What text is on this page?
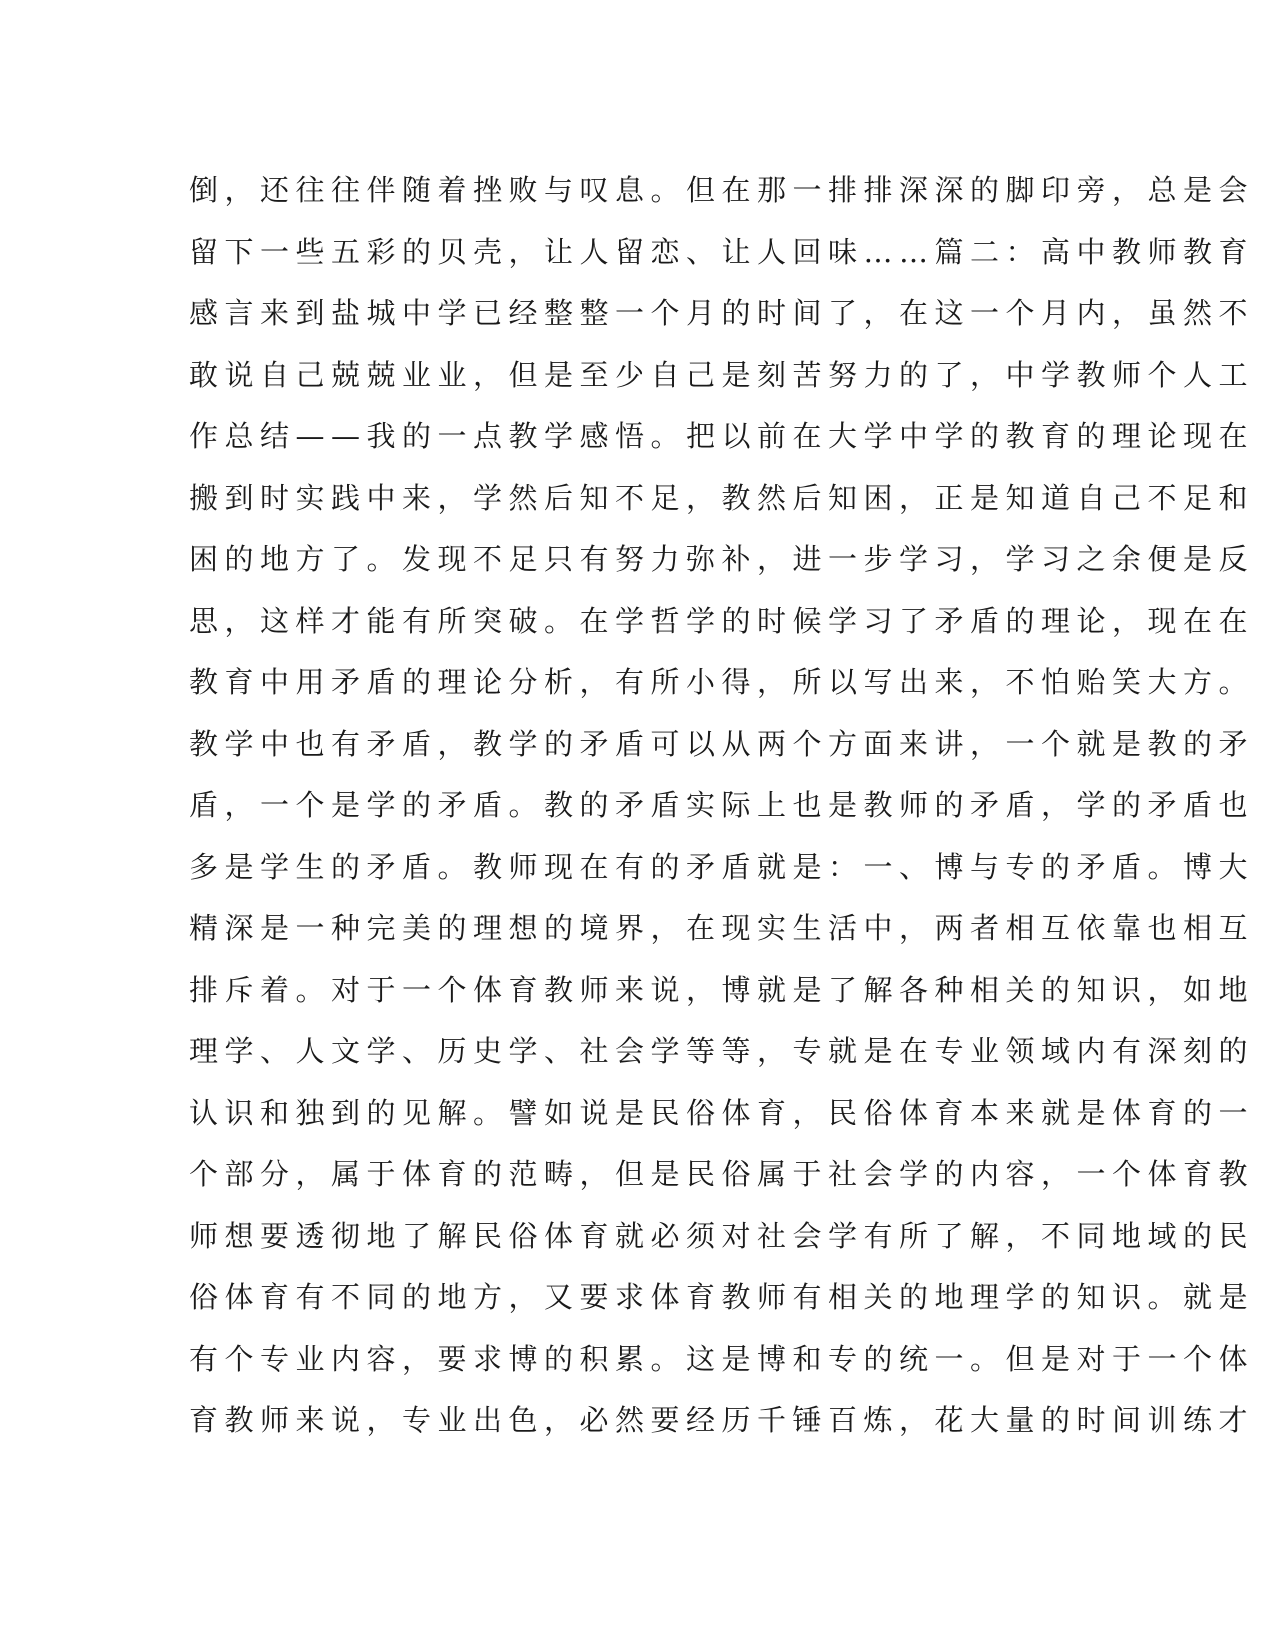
倒，还往往伴随着挫败与叹息。但在那一排排深深的脚印旁，总是会
留下一些五彩的贝壳，让人留恋、让人回味……篇二：高中教师教育
感言来到盐城中学已经整整一个月的时间了，在这一个月内，虽然不
敢说自己兢兢业业，但是至少自己是刻苦努力的了，中学教师个人工
作总结——我的一点教学感悟。把以前在大学中学的教育的理论现在
搬到时实践中来，学然后知不足，教然后知困，正是知道自己不足和
困的地方了。发现不足只有努力弥补，进一步学习，学习之余便是反
思，这样才能有所突破。在学哲学的时候学习了矛盾的理论，现在在
教育中用矛盾的理论分析，有所小得，所以写出来，不怕贻笑大方。
教学中也有矛盾，教学的矛盾可以从两个方面来讲，一个就是教的矛
盾，一个是学的矛盾。教的矛盾实际上也是教师的矛盾，学的矛盾也
多是学生的矛盾。教师现在有的矛盾就是：一、博与专的矛盾。博大
精深是一种完美的理想的境界，在现实生活中，两者相互依靠也相互
排斥着。对于一个体育教师来说，博就是了解各种相关的知识，如地
理学、人文学、历史学、社会学等等，专就是在专业领域内有深刻的
认识和独到的见解。譬如说是民俗体育，民俗体育本来就是体育的一
个部分，属于体育的范畴，但是民俗属于社会学的内容，一个体育教
师想要透彻地了解民俗体育就必须对社会学有所了解，不同地域的民
俗体育有不同的地方，又要求体育教师有相关的地理学的知识。就是
有个专业内容，要求博的积累。这是博和专的统一。但是对于一个体
育教师来说，专业出色，必然要经历千锤百炼，花大量的时间训练才
